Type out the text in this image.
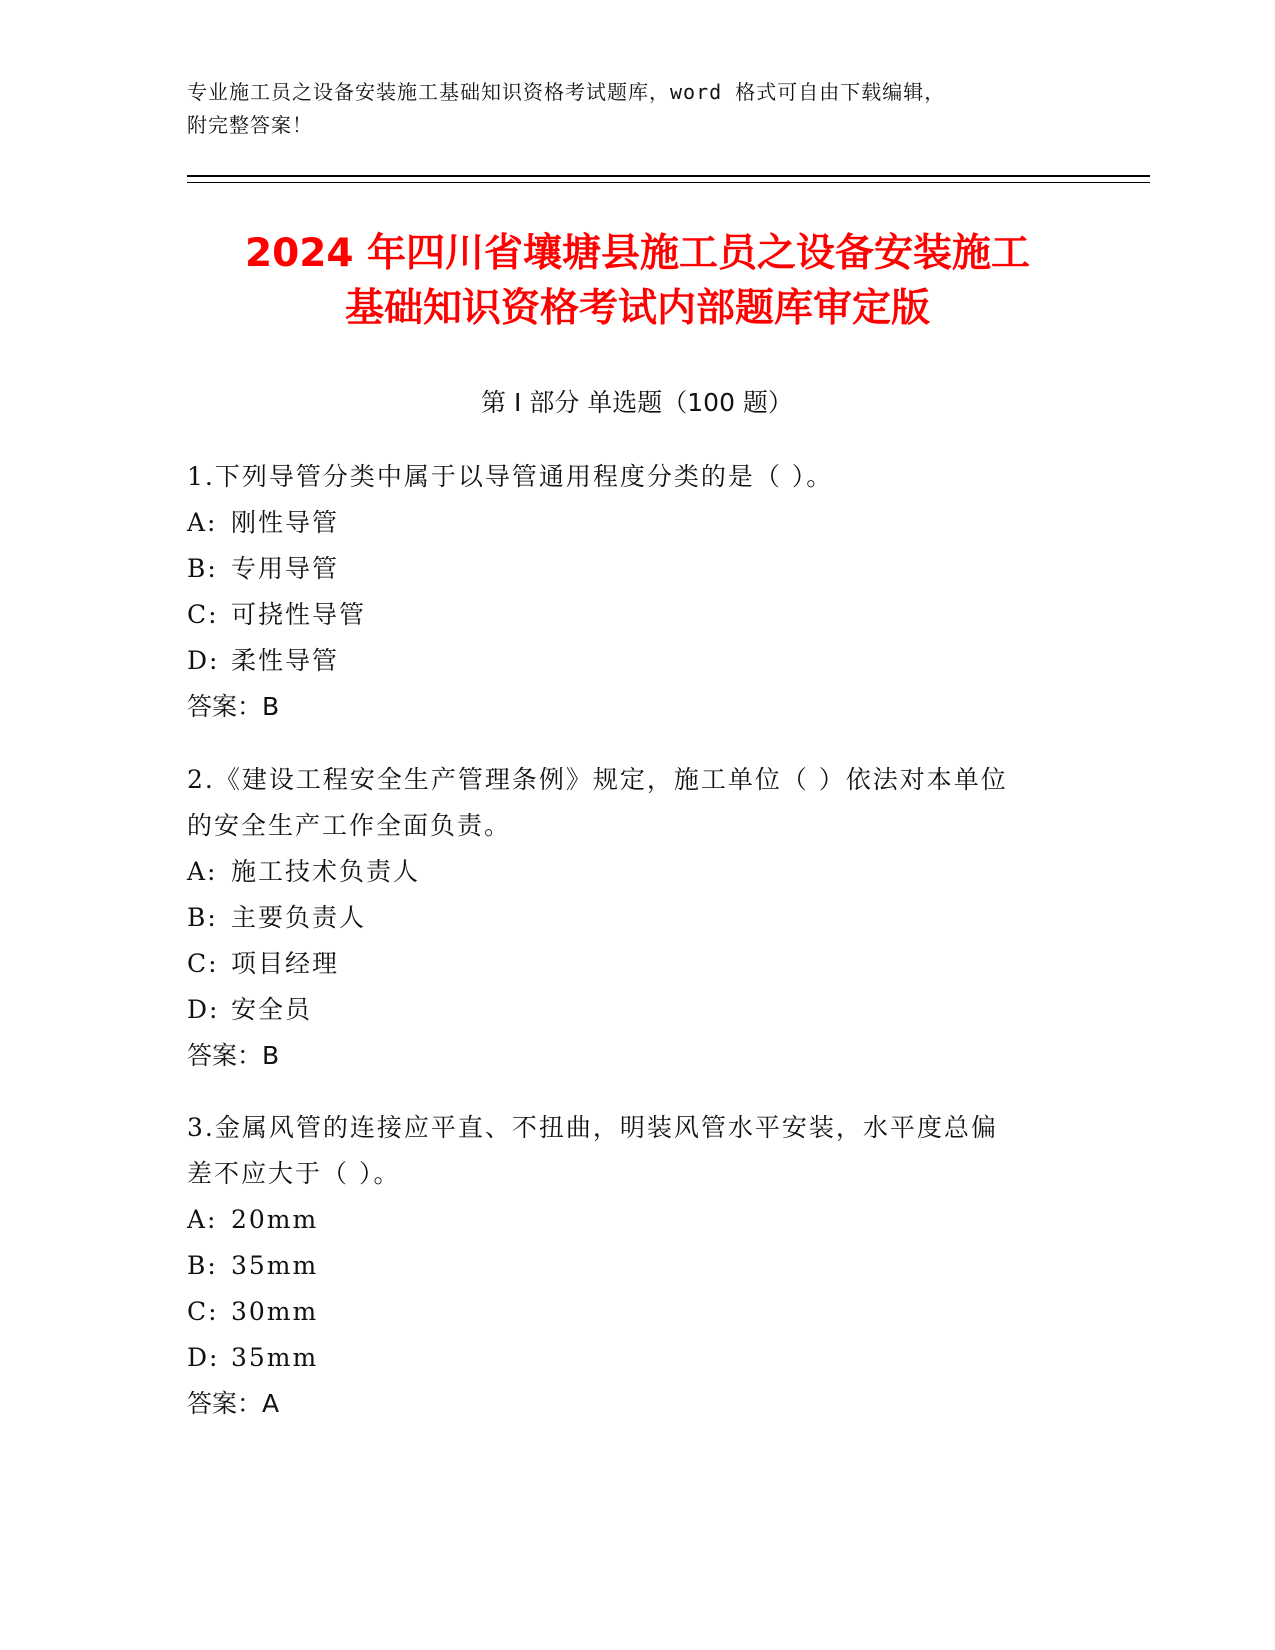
专业施工员之设备安装施工基础知识资格考试题库，word 格式可自由下载编辑，
附完整答案！
2024 年四川省壤塘县施工员之设备安装施工
基础知识资格考试内部题库审定版
第 I 部分 单选题（100 题）
1.下列导管分类中属于以导管通用程度分类的是（ ）。
A: 刚性导管
B: 专用导管
C: 可挠性导管
D: 柔性导管
答案：B
2.《建设工程安全生产管理条例》规定，施工单位（ ）依法对本单位
的安全生产工作全面负责。
A: 施工技术负责人
B: 主要负责人
C: 项目经理
D: 安全员
答案：B
3.金属风管的连接应平直、不扭曲，明装风管水平安装，水平度总偏
差不应大于（ ）。
A: 20mm
B: 35mm
C: 30mm
D: 35mm
答案：A
